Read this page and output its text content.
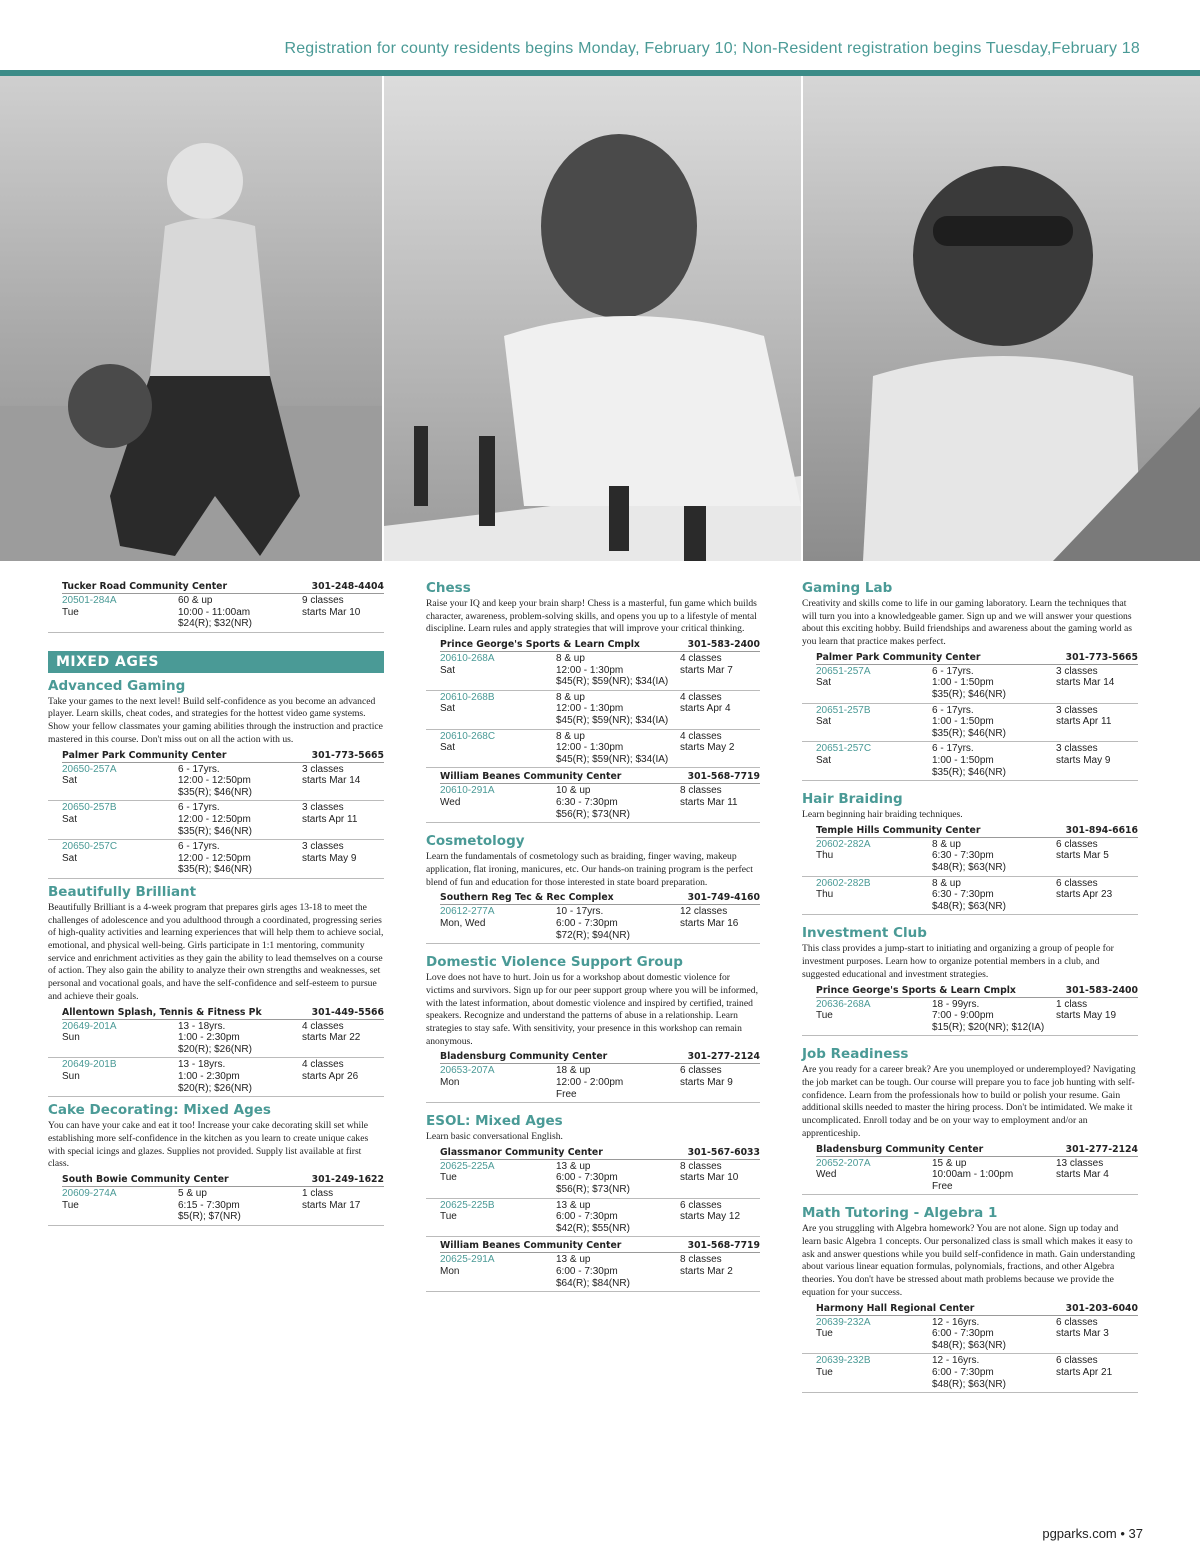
Registration for county residents begins Monday, February 10; Non-Resident registration begins Tuesday,February 18
Tucker Road Community Center	301-248-4404
20501-284A	60 & up	9 classes
Tue	10:00 - 11:00am	starts Mar 10
$24(R); $32(NR)
MIXED AGES
Advanced Gaming

Take your games to the next level! Build self-confidence as you become an advanced player. Learn skills, cheat codes, and strategies for the hottest video game systems. Show your fellow classmates your gaming abilities through the instruction and practice mastered in this course. Don't miss out on all the action with us.

Palmer Park Community Center	301-773-5665
20650-257A	6 - 17yrs.	3 classes
Sat	12:00 - 12:50pm	starts Mar 14
$35(R); $46(NR)
20650-257B	6 - 17yrs.	3 classes
Sat	12:00 - 12:50pm	starts Apr 11
$35(R); $46(NR)
20650-257C	6 - 17yrs.	3 classes
Sat	12:00 - 12:50pm	starts May 9
$35(R); $46(NR)
Beautifully Brilliant

Beautifully Brilliant is a 4-week program that prepares girls ages 13-18 to meet the challenges of adolescence and you adulthood through a coordinated, progressing series of high-quality activities and learning experiences that will help them to achieve social, emotional, and physical well-being. Girls participate in 1:1 mentoring, community service and enrichment activities as they gain the ability to lead themselves on a course of action. They also gain the ability to analyze their own strengths and weaknesses, set personal and vocational goals, and have the self-confidence and self-esteem to pursue and achieve their goals.

Allentown Splash, Tennis & Fitness Pk	301-449-5566
20649-201A	13 - 18yrs.	4 classes
Sun	1:00 - 2:30pm	starts Mar 22
$20(R); $26(NR)
20649-201B	13 - 18yrs.	4 classes
Sun	1:00 - 2:30pm	starts Apr 26
$20(R); $26(NR)
Cake Decorating: Mixed Ages

You can have your cake and eat it too! Increase your cake decorating skill set while establishing more self-confidence in the kitchen as you learn to create unique cakes with special icings and glazes. Supplies not provided. Supply list available at first class.

South Bowie Community Center	301-249-1622
20609-274A	5 & up	1 class
Tue	6:15 - 7:30pm	starts Mar 17
$5(R); $7(NR)
Chess

Raise your IQ and keep your brain sharp! Chess is a masterful, fun game which builds character, awareness, problem-solving skills, and opens you up to a lifestyle of mental discipline. Learn rules and apply strategies that will improve your critical thinking.

Prince George's Sports & Learn Cmplx	301-583-2400
20610-268A	8 & up	4 classes
Sat	12:00 - 1:30pm	starts Mar 7
$45(R); $59(NR); $34(IA)
20610-268B	8 & up	4 classes
Sat	12:00 - 1:30pm	starts Apr 4
$45(R); $59(NR); $34(IA)
20610-268C	8 & up	4 classes
Sat	12:00 - 1:30pm	starts May 2
$45(R); $59(NR); $34(IA)
William Beanes Community Center	301-568-7719
20610-291A	10 & up	8 classes
Wed	6:30 - 7:30pm	starts Mar 11
$56(R); $73(NR)
Cosmetology

Learn the fundamentals of cosmetology such as braiding, finger waving, makeup application, flat ironing, manicures, etc. Our hands-on training program is the perfect blend of fun and education for those interested in state board preparation.

Southern Reg Tec & Rec Complex	301-749-4160
20612-277A	10 - 17yrs.	12 classes
Mon, Wed	6:00 - 7:30pm	starts Mar 16
$72(R); $94(NR)
Domestic Violence Support Group

Love does not have to hurt. Join us for a workshop about domestic violence for victims and survivors. Sign up for our peer support group where you will be informed, with the latest information, about domestic violence and inspired by certified, trained speakers. Recognize and understand the patterns of abuse in a relationship. Learn strategies to stay safe. With sensitivity, your presence in this workshop can remain anonymous.

Bladensburg Community Center	301-277-2124
20653-207A	18 & up	6 classes
Mon	12:00 - 2:00pm	starts Mar 9
Free
ESOL: Mixed Ages

Learn basic conversational English.

Glassmanor Community Center	301-567-6033
20625-225A	13 & up	8 classes
Tue	6:00 - 7:30pm	starts Mar 10
$56(R); $73(NR)
20625-225B	13 & up	6 classes
Tue	6:00 - 7:30pm	starts May 12
$42(R); $55(NR)
William Beanes Community Center	301-568-7719
20625-291A	13 & up	8 classes
Mon	6:00 - 7:30pm	starts Mar 2
$64(R); $84(NR)
Gaming Lab

Creativity and skills come to life in our gaming laboratory. Learn the techniques that will turn you into a knowledgeable gamer. Sign up and we will answer your questions about this exciting hobby. Build friendships and awareness about the gaming world as you learn that practice makes perfect.

Palmer Park Community Center	301-773-5665
20651-257A	6 - 17yrs.	3 classes
Sat	1:00 - 1:50pm	starts Mar 14
$35(R); $46(NR)
20651-257B	6 - 17yrs.	3 classes
Sat	1:00 - 1:50pm	starts Apr 11
$35(R); $46(NR)
20651-257C	6 - 17yrs.	3 classes
Sat	1:00 - 1:50pm	starts May 9
$35(R); $46(NR)
Hair Braiding

Learn beginning hair braiding techniques.

Temple Hills Community Center	301-894-6616
20602-282A	8 & up	6 classes
Thu	6:30 - 7:30pm	starts Mar 5
$48(R); $63(NR)
20602-282B	8 & up	6 classes
Thu	6:30 - 7:30pm	starts Apr 23
$48(R); $63(NR)
Investment Club

This class provides a jump-start to initiating and organizing a group of people for investment purposes. Learn how to organize potential members in a club, and suggested educational and investment strategies.

Prince George's Sports & Learn Cmplx	301-583-2400
20636-268A	18 - 99yrs.	1 class
Tue	7:00 - 9:00pm	starts May 19
$15(R); $20(NR); $12(IA)
Job Readiness

Are you ready for a career break? Are you unemployed or underemployed? Navigating the job market can be tough. Our course will prepare you to face job hunting with self-confidence. Learn from the professionals how to build or polish your resume. Gain additional skills needed to master the hiring process. Don't be intimidated. We make it uncomplicated. Enroll today and be on your way to employment and/or an apprenticeship.

Bladensburg Community Center	301-277-2124
20652-207A	15 & up	13 classes
Wed	10:00am - 1:00pm	starts Mar 4
Free
Math Tutoring - Algebra 1

Are you struggling with Algebra homework? You are not alone. Sign up today and learn basic Algebra 1 concepts. Our personalized class is small which makes it easy to ask and answer questions while you build self-confidence in math. Gain understanding about various linear equation formulas, polynomials, fractions, and other Algebra theories. You don't have be stressed about math problems because we provide the equation for your success.

Harmony Hall Regional Center	301-203-6040
20639-232A	12 - 16yrs.	6 classes
Tue	6:00 - 7:30pm	starts Mar 3
$48(R); $63(NR)
20639-232B	12 - 16yrs.	6 classes
Tue	6:00 - 7:30pm	starts Apr 21
$48(R); $63(NR)
pgparks.com • 37
